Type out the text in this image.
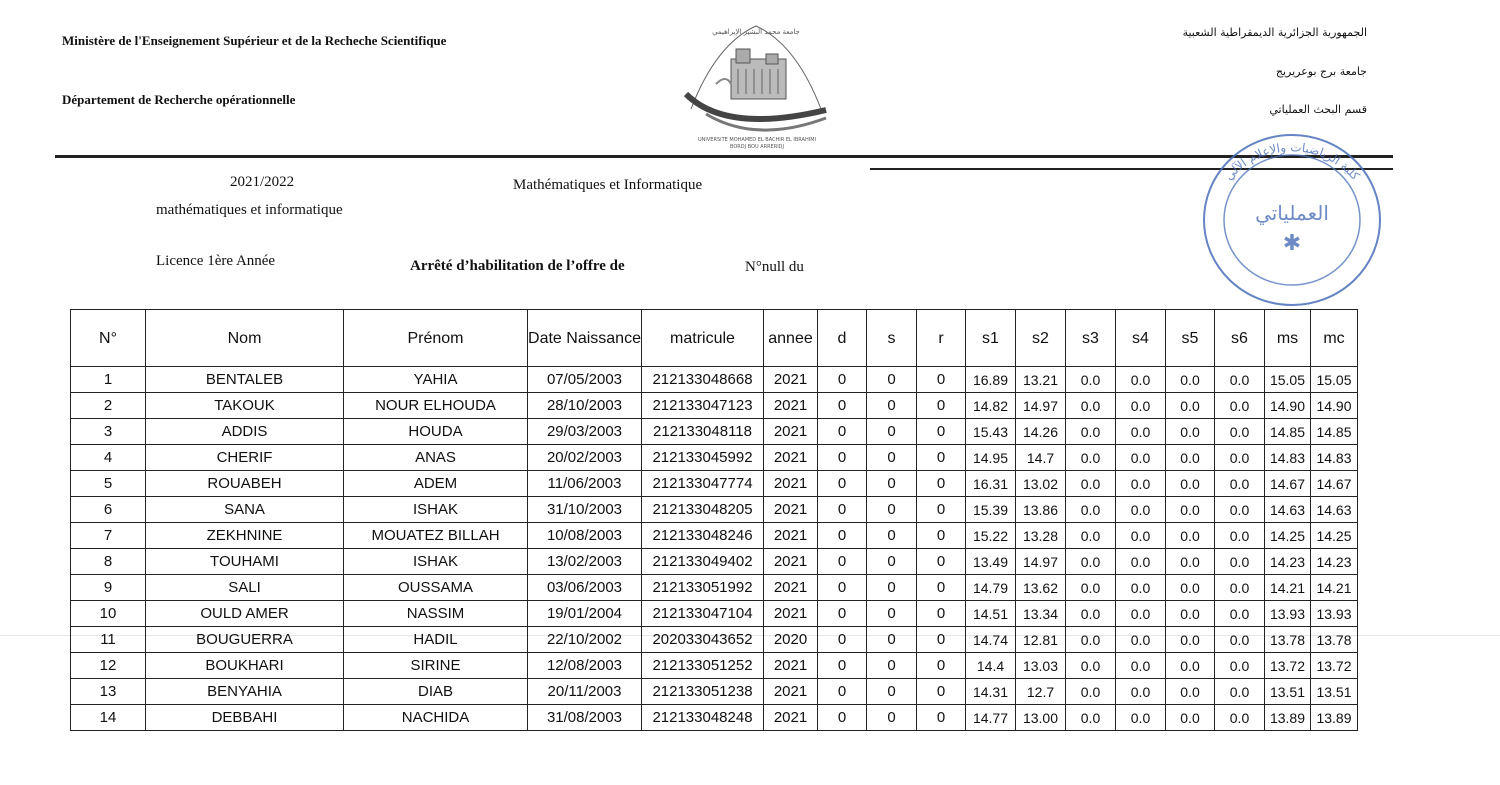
Ministère de l'Enseignement Supérieur et de la Recheche Scientifique
Département de Recherche opérationnelle
الجمهورية الجزائرية الديمقراطية الشعبية
جامعة برج بوعريريج
قسم البحث العملياتي
جامعة محمد البشير الإبراهيمي
UNIVERSITE MOHAMED EL BACHIR EL IBRAHIMI
BORDJ BOU ARRERIDJ
2021/2022	Mathématiques et Informatique
mathématiques et informatique
Licence 1ère Année	Arrêté d’habilitation de l’offre de	N°null du
العملياتي
✱
كلية الرياضيات والإعلام الآلي
N°	Nom	Prénom	Date Naissance	matricule	annee	d	s	r	s1	s2	s3	s4	s5	s6	ms	mc
1	BENTALEB	YAHIA	07/05/2003	212133048668	2021	0	0	0	16.89	13.21	0.0	0.0	0.0	0.0	15.05	15.05
2	TAKOUK	NOUR ELHOUDA	28/10/2003	212133047123	2021	0	0	0	14.82	14.97	0.0	0.0	0.0	0.0	14.90	14.90
3	ADDIS	HOUDA	29/03/2003	212133048118	2021	0	0	0	15.43	14.26	0.0	0.0	0.0	0.0	14.85	14.85
4	CHERIF	ANAS	20/02/2003	212133045992	2021	0	0	0	14.95	14.7	0.0	0.0	0.0	0.0	14.83	14.83
5	ROUABEH	ADEM	11/06/2003	212133047774	2021	0	0	0	16.31	13.02	0.0	0.0	0.0	0.0	14.67	14.67
6	SANA	ISHAK	31/10/2003	212133048205	2021	0	0	0	15.39	13.86	0.0	0.0	0.0	0.0	14.63	14.63
7	ZEKHNINE	MOUATEZ BILLAH	10/08/2003	212133048246	2021	0	0	0	15.22	13.28	0.0	0.0	0.0	0.0	14.25	14.25
8	TOUHAMI	ISHAK	13/02/2003	212133049402	2021	0	0	0	13.49	14.97	0.0	0.0	0.0	0.0	14.23	14.23
9	SALI	OUSSAMA	03/06/2003	212133051992	2021	0	0	0	14.79	13.62	0.0	0.0	0.0	0.0	14.21	14.21
10	OULD AMER	NASSIM	19/01/2004	212133047104	2021	0	0	0	14.51	13.34	0.0	0.0	0.0	0.0	13.93	13.93
11	BOUGUERRA	HADIL	22/10/2002	202033043652	2020	0	0	0	14.74	12.81	0.0	0.0	0.0	0.0	13.78	13.78
12	BOUKHARI	SIRINE	12/08/2003	212133051252	2021	0	0	0	14.4	13.03	0.0	0.0	0.0	0.0	13.72	13.72
13	BENYAHIA	DIAB	20/11/2003	212133051238	2021	0	0	0	14.31	12.7	0.0	0.0	0.0	0.0	13.51	13.51
14	DEBBAHI	NACHIDA	31/08/2003	212133048248	2021	0	0	0	14.77	13.00	0.0	0.0	0.0	0.0	13.89	13.89
